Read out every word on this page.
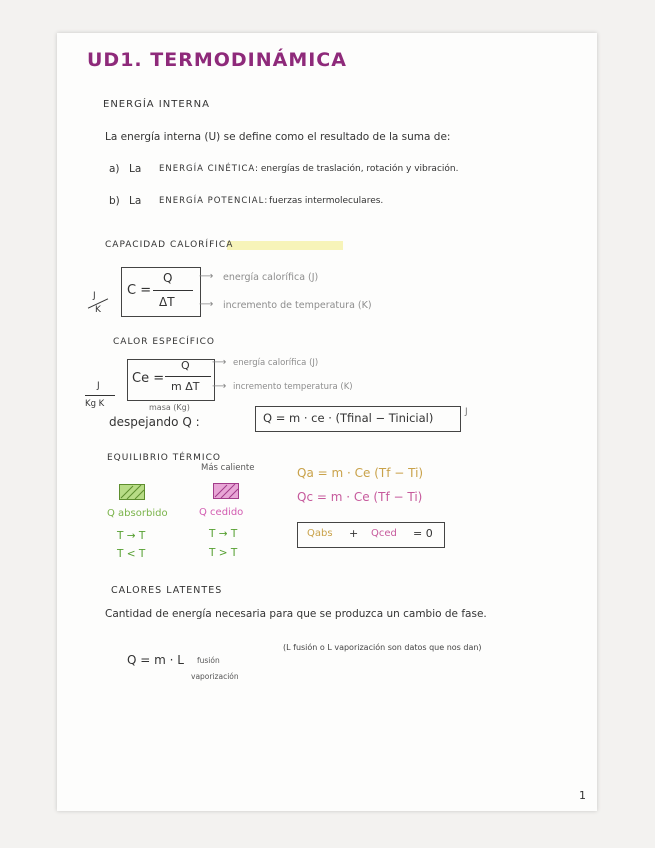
UD1. TERMODINÁMICA
ENERGÍA INTERNA
La energía interna (U) se define como el resultado de la suma de:
a) La ENERGÍA CINÉTICA : energías de traslación, rotación y vibración.
b) La ENERGÍA POTENCIAL: fuerzas intermoleculares.
CAPACIDAD CALORÍFICA
J
K
C =
Q
ΔT
⟶ energía calorífica (J)
⟶ incremento de temperatura (K)
CALOR ESPECÍFICO
J
Kg K
Ce =
Q
m ΔT
⟶ energía calorífica (J)
⟶ incremento temperatura (K)
masa (Kg)
despejando Q :	Q = m · ce · (Tfinal − Tinicial)	J
EQUILIBRIO TÉRMICO
Más caliente
Q absorbido	Q cedido
T → T
T < T
T → T
T > T
Qa = m · Ce (Tf − Ti)
Qc = m · Ce (Tf − Ti)
Qabs + Qced = 0
CALORES LATENTES
Cantidad de energía necesaria para que se produzca un cambio de fase.
Q = m · L fusión
vaporización
(L fusión o L vaporización son datos que nos dan)
1
